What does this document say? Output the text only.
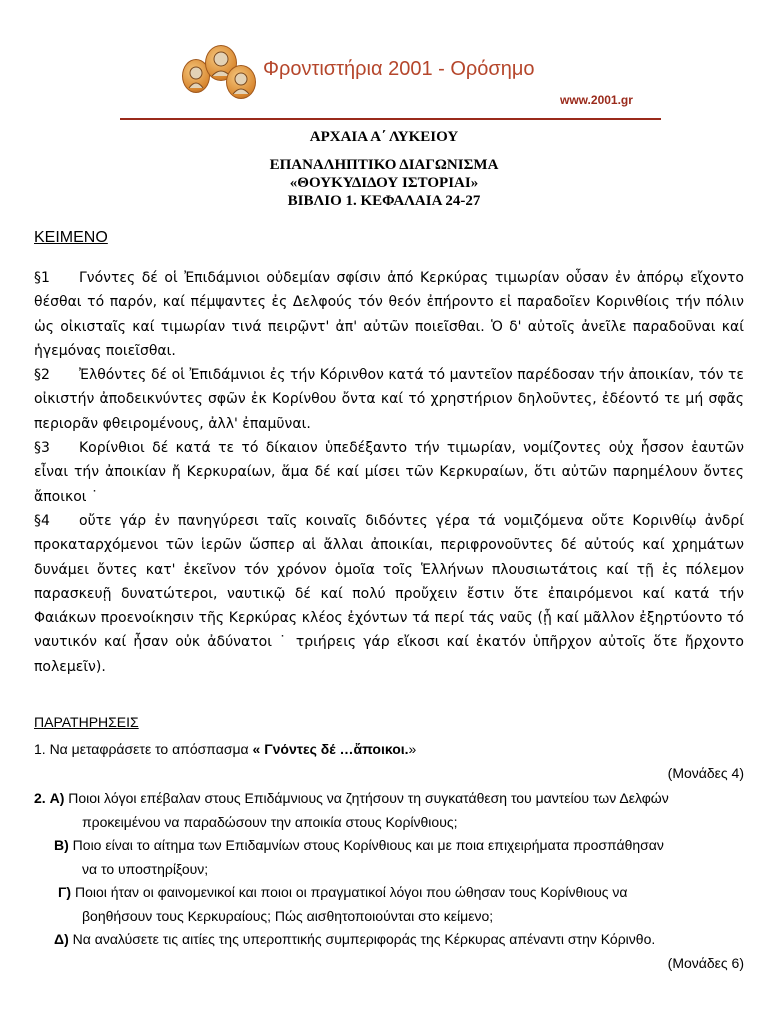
Φροντιστήρια 2001 - Ορόσημο
www.2001.gr
ΑΡΧΑΙΑ Α΄ ΛΥΚΕΙΟΥ
ΕΠΑΝΑΛΗΠΤΙΚΟ ΔΙΑΓΩΝΙΣΜΑ
«ΘΟΥΚΥΔΙΔΟΥ ΙΣΤΟΡΙΑΙ»
ΒΙΒΛΙΟ 1. ΚΕΦΑΛΑΙΑ 24-27
ΚΕΙΜΕΝΟ

§1 Γνόντες δέ οἱ Ἐπιδάμνιοι οὐδεμίαν σφίσιν ἀπό Κερκύρας τιμωρίαν οὖσαν ἐν ἀπόρῳ εἴχοντο θέσθαι τό παρόν, καί πέμψαντες ἐς Δελφούς τόν θεόν ἐπήροντο εἰ παραδοῖεν Κορινθίοις τήν πόλιν ὡς οἰκισταῖς καί τιμωρίαν τινά πειρῷντ' ἀπ' αὐτῶν ποιεῖσθαι. Ὁ δ' αὐτοῖς ἀνεῖλε παραδοῦναι καί ἡγεμόνας ποιεῖσθαι.

§2 Ἐλθόντες δέ οἱ Ἐπιδάμνιοι ἐς τήν Κόρινθον κατά τό μαντεῖον παρέδοσαν τήν ἀποικίαν, τόν τε οἰκιστήν ἀποδεικνύντες σφῶν ἐκ Κορίνθου ὄντα καί τό χρηστήριον δηλοῦντες, ἐδέοντό τε μή σφᾶς περιορᾶν φθειρομένους, ἀλλ' ἐπαμῦναι.

§3 Κορίνθιοι δέ κατά τε τό δίκαιον ὑπεδέξαντο τήν τιμωρίαν, νομίζοντες οὐχ ἧσσον ἑαυτῶν εἶναι τήν ἀποικίαν ἤ Κερκυραίων, ἅμα δέ καί μίσει τῶν Κερκυραίων, ὅτι αὐτῶν παρημέλουν ὄντες ἄποικοι ˙

§4 οὔτε γάρ ἐν πανηγύρεσι ταῖς κοιναῖς διδόντες γέρα τά νομιζόμενα οὔτε Κορινθίῳ ἀνδρί προκαταρχόμενοι τῶν ἱερῶν ὥσπερ αἱ ἄλλαι ἀποικίαι, περιφρονοῦντες δέ αὐτούς καί χρημάτων δυνάμει ὄντες κατ' ἐκεῖνον τόν χρόνον ὁμοῖα τοῖς Ἑλλήνων πλουσιωτάτοις καί τῇ ἐς πόλεμον παρασκευῇ δυνατώτεροι, ναυτικῷ δέ καί πολύ προὔχειν ἔστιν ὅτε ἐπαιρόμενοι καί κατά τήν Φαιάκων προενοίκησιν τῆς Κερκύρας κλέος ἐχόντων τά περί τάς ναῦς (ᾗ καί μᾶλλον ἐξηρτύοντο τό ναυτικόν καί ἦσαν οὐκ ἀδύνατοι ˙ τριήρεις γάρ εἴκοσι καί ἑκατόν ὑπῆρχον αὐτοῖς ὅτε ἤρχοντο πολεμεῖν).

ΠΑΡΑΤΗΡΗΣΕΙΣ

1. Να μεταφράσετε το απόσπασμα « Γνόντες δέ …ἄποικοι.»

(Μονάδες 4)

2. Α) Ποιοι λόγοι επέβαλαν στους Επιδάμνιους να ζητήσουν τη συγκατάθεση του μαντείου των Δελφών

προκειμένου να παραδώσουν την αποικία στους Κορίνθιους;

Β) Ποιο είναι το αίτημα των Επιδαμνίων στους Κορίνθιους και με ποια επιχειρήματα προσπάθησαν

να το υποστηρίξουν;

Γ) Ποιοι ήταν οι φαινομενικοί και ποιοι οι πραγματικοί λόγοι που ώθησαν τους Κορίνθιους να

βοηθήσουν τους Κερκυραίους; Πώς αισθητοποιούνται στο κείμενο;

Δ) Να αναλύσετε τις αιτίες της υπεροπτικής συμπεριφοράς της Κέρκυρας απέναντι στην Κόρινθο.

(Μονάδες 6)
